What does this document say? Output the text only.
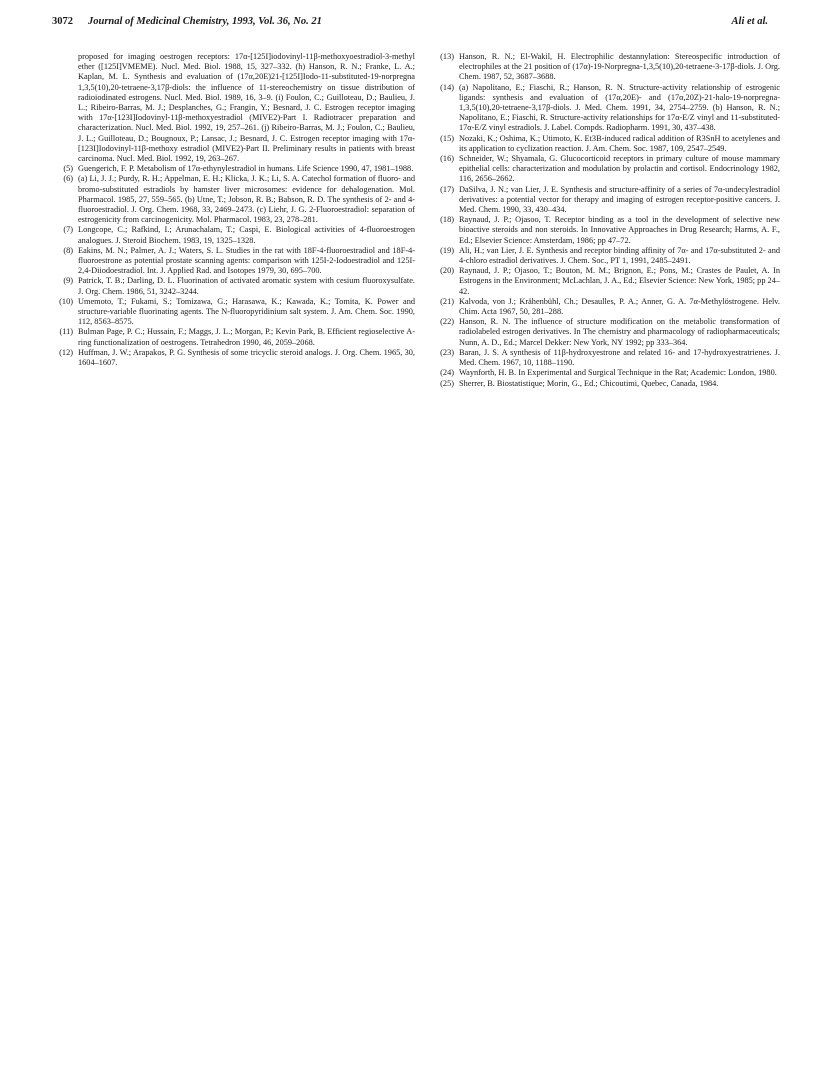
3072 Journal of Medicinal Chemistry, 1993, Vol. 36, No. 21	Ali et al.
proposed for imaging oestrogen receptors: 17α-[125I]iodovinyl-11β-methoxyoestradiol-3-methyl ether ([125I]VMEME). Nucl. Med. Biol. 1988, 15, 327–332. (h) Hanson, R. N.; Franke, L. A.; Kaplan, M. L. Synthesis and evaluation of (17α,20E)21-[125I]Iodo-11-substituted-19-norpregna 1,3,5(10),20-tetraene-3,17β-diols: the influence of 11-stereochemistry on tissue distribution of radioiodinated estrogens. Nucl. Med. Biol. 1989, 16, 3–9. (i) Foulon, C.; Guilloteau, D.; Baulieu, J. L.; Ribeiro-Barras, M. J.; Desplanches, G.; Frangin, Y.; Besnard, J. C. Estrogen receptor imaging with 17α-[123I]Iodovinyl-11β-methoxyestradiol (MIVE2)-Part I. Radiotracer preparation and characterization. Nucl. Med. Biol. 1992, 19, 257–261. (j) Ribeiro-Barras, M. J.; Foulon, C.; Baulieu, J. L.; Guilloteau, D.; Bougnoux, P.; Lansac, J.; Besnard, J. C. Estrogen receptor imaging with 17α-[123I]Iodovinyl-11β-methoxy estradiol (MIVE2)-Part II. Preliminary results in patients with breast carcinoma. Nucl. Med. Biol. 1992, 19, 263–267.
(5) Guengerich, F. P. Metabolism of 17α-ethynylestradiol in humans. Life Science 1990, 47, 1981–1988.
(6) (a) Li, J. J.; Purdy, R. H.; Appelman, E. H.; Klicka, J. K.; Li, S. A. Catechol formation of fluoro- and bromo-substituted estradiols by hamster liver microsomes: evidence for dehalogenation. Mol. Pharmacol. 1985, 27, 559–565. (b) Utne, T.; Jobson, R. B.; Babson, R. D. The synthesis of 2- and 4-fluoroestradiol. J. Org. Chem. 1968, 33, 2469–2473. (c) Liehr, J. G. 2-Fluoroestradiol: separation of estrogenicity from carcinogenicity. Mol. Pharmacol. 1983, 23, 278–281.
(7) Longcope, C.; Rafkind, I.; Arunachalam, T.; Caspi, E. Biological activities of 4-fluoroestrogen analogues. J. Steroid Biochem. 1983, 19, 1325–1328.
(8) Eakins, M. N.; Palmer, A. J.; Waters, S. L. Studies in the rat with 18F-4-fluoroestradiol and 18F-4-fluoroestrone as potential prostate scanning agents: comparison with 125I-2-Iodoestradiol and 125I-2,4-Diiodoestradiol. Int. J. Applied Rad. and Isotopes 1979, 30, 695–700.
(9) Patrick, T. B.; Darling, D. L. Fluorination of activated aromatic system with cesium fluoroxysulfate. J. Org. Chem. 1986, 51, 3242–3244.
(10) Umemoto, T.; Fukami, S.; Tomizawa, G.; Harasawa, K.; Kawada, K.; Tomita, K. Power and structure-variable fluorinating agents. The N-fluoropyridinium salt system. J. Am. Chem. Soc. 1990, 112, 8563–8575.
(11) Bulman Page, P. C.; Hussain, F.; Maggs, J. L.; Morgan, P.; Kevin Park, B. Efficient regioselective A-ring functionalization of oestrogens. Tetrahedron 1990, 46, 2059–2068.
(12) Huffman, J. W.; Arapakos, P. G. Synthesis of some tricyclic steroid analogs. J. Org. Chem. 1965, 30, 1604–1607.
(13) Hanson, R. N.; El-Wakil, H. Electrophilic destannylation: Stereospecific introduction of electrophiles at the 21 position of (17α)-19-Norpregna-1,3,5(10),20-tetraene-3-17β-diols. J. Org. Chem. 1987, 52, 3687–3688.
(14) (a) Napolitano, E.; Fiaschi, R.; Hanson, R. N. Structure-activity relationship of estrogenic ligands: synthesis and evaluation of (17α,20E)- and (17α,20Z)-21-halo-19-norpregna-1,3,5(10),20-tetraene-3,17β-diols. J. Med. Chem. 1991, 34, 2754–2759. (b) Hanson, R. N.; Napolitano, E.; Fiaschi, R. Structure-activity relationships for 17α-E/Z vinyl and 11-substituted-17α-E/Z vinyl estradiols. J. Label. Compds. Radiopharm. 1991, 30, 437–438.
(15) Nozaki, K.; Oshima, K.; Utimoto, K. Et3B-induced radical addition of R3SnH to acetylenes and its application to cyclization reaction. J. Am. Chem. Soc. 1987, 109, 2547–2549.
(16) Schneider, W.; Shyamala, G. Glucocorticoid receptors in primary culture of mouse mammary epithelial cells: characterization and modulation by prolactin and cortisol. Endocrinology 1982, 116, 2656–2662.
(17) DaSilva, J. N.; van Lier, J. E. Synthesis and structure-affinity of a series of 7α-undecylestradiol derivatives: a potential vector for therapy and imaging of estrogen receptor-positive cancers. J. Med. Chem. 1990, 33, 430–434.
(18) Raynaud, J. P.; Ojasoo, T. Receptor binding as a tool in the development of selective new bioactive steroids and non steroids. In Innovative Approaches in Drug Research; Harms, A. F., Ed.; Elsevier Science: Amsterdam, 1986; pp 47–72.
(19) Ali, H.; van Lier, J. E. Synthesis and receptor binding affinity of 7α- and 17α-substituted 2- and 4-chloro estradiol derivatives. J. Chem. Soc., PT 1, 1991, 2485–2491.
(20) Raynaud, J. P.; Ojasoo, T.; Bouton, M. M.; Brignon, E.; Pons, M.; Crastes de Paulet, A. In Estrogens in the Environment; McLachlan, J. A., Ed.; Elsevier Science: New York, 1985; pp 24–42.
(21) Kalvoda, von J.; Krähenbühl, Ch.; Desaulles, P. A.; Anner, G. A. 7α-Methylöstrogene. Helv. Chim. Acta 1967, 50, 281–288.
(22) Hanson, R. N. The influence of structure modification on the metabolic transformation of radiolabeled estrogen derivatives. In The chemistry and pharmacology of radiopharmaceuticals; Nunn, A. D., Ed.; Marcel Dekker: New York, NY 1992; pp 333–364.
(23) Baran, J. S. A synthesis of 11β-hydroxyestrone and related 16- and 17-hydroxyestratrienes. J. Med. Chem. 1967, 10, 1188–1190.
(24) Waynforth, H. B. In Experimental and Surgical Technique in the Rat; Academic: London, 1980.
(25) Sherrer, B. Biostatistique; Morin, G., Ed.; Chicoutimi, Quebec, Canada, 1984.
